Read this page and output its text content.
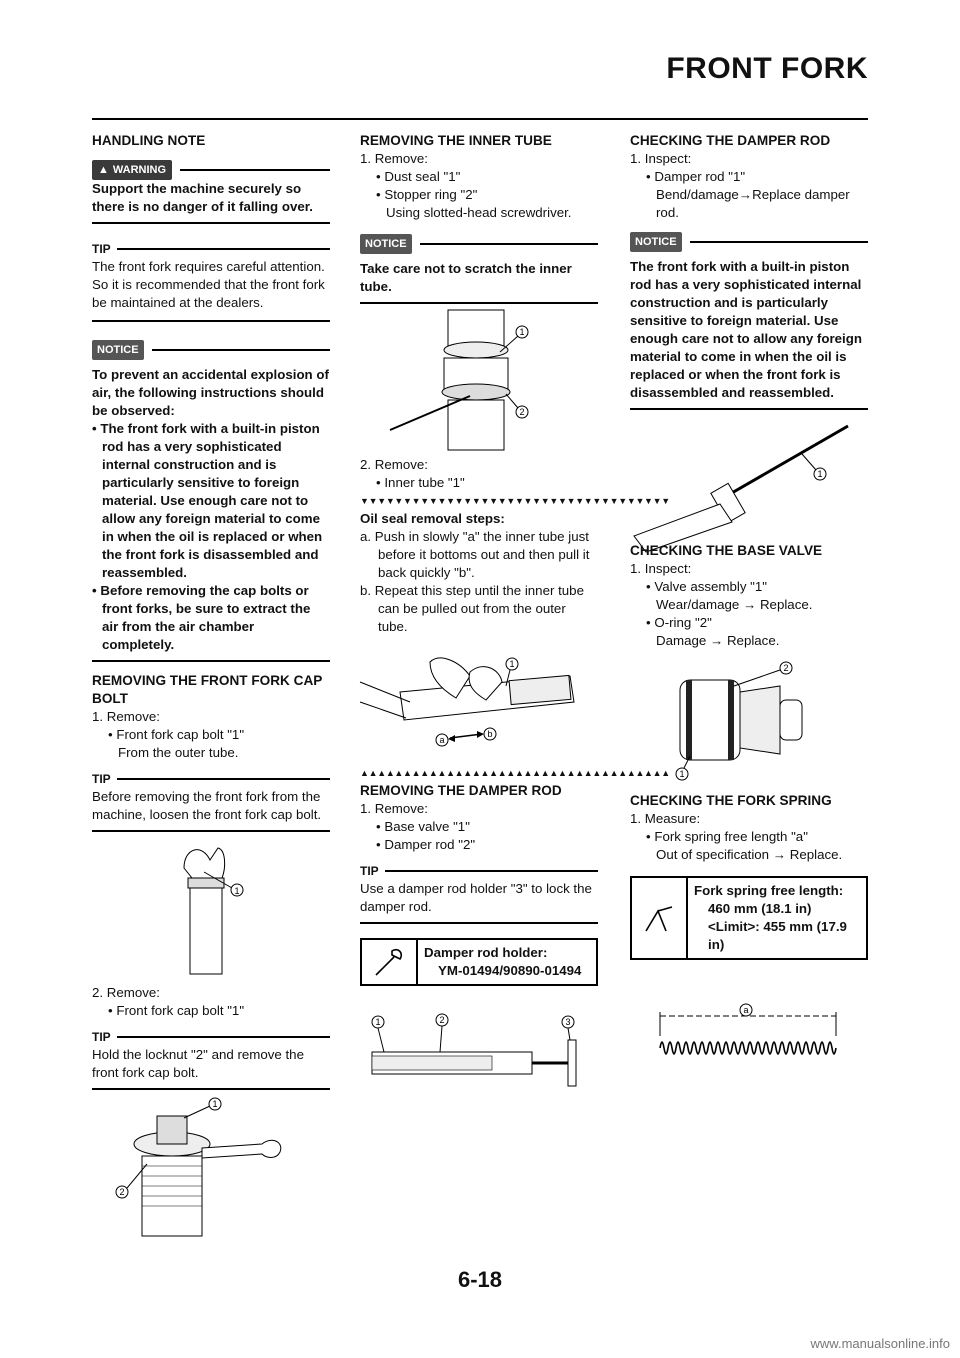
FRONT FORK

HANDLING NOTE

▲ WARNING

Support the machine securely so there is no danger of it falling over.

TIP

The front fork requires careful attention. So it is recommended that the front fork be maintained at the dealers.

NOTICE

To prevent an accidental explosion of air, the following instructions should be observed:

• The front fork with a built-in piston rod has a very sophisticated internal construction and is particularly sensitive to foreign material. Use enough care not to allow any foreign material to come in when the oil is replaced or when the front fork is disassembled and reassembled.

• Before removing the cap bolts or front forks, be sure to extract the air from the air chamber completely.

REMOVING THE FRONT FORK CAP BOLT

1. Remove:

• Front fork cap bolt "1"

From the outer tube.

TIP

Before removing the front fork from the machine, loosen the front fork cap bolt.

1

2. Remove:

• Front fork cap bolt "1"

TIP

Hold the locknut "2" and remove the front fork cap bolt.

1
2

REMOVING THE INNER TUBE

1. Remove:

• Dust seal "1"

• Stopper ring "2"

Using slotted-head screwdriver.

NOTICE

Take care not to scratch the inner tube.

1
2

2. Remove:

• Inner tube "1"

▼▼▼▼▼▼▼▼▼▼▼▼▼▼▼▼▼▼▼▼▼▼▼▼▼▼▼▼▼▼▼▼▼▼▼▼

Oil seal removal steps:

a. Push in slowly "a" the inner tube just before it bottoms out and then pull it back quickly "b".

b. Repeat this step until the inner tube can be pulled out from the outer tube.

1
a
b
▲▲▲▲▲▲▲▲▲▲▲▲▲▲▲▲▲▲▲▲▲▲▲▲▲▲▲▲▲▲▲▲▲▲▲▲

REMOVING THE DAMPER ROD

1. Remove:

• Base valve "1"

• Damper rod "2"

TIP

Use a damper rod holder "3" to lock the damper rod.

Damper rod holder:
YM-01494/90890-01494
1	2	3

CHECKING THE DAMPER ROD

1. Inspect:

• Damper rod "1"

Bend/damage→Replace damper rod.

NOTICE

The front fork with a built-in piston rod has a very sophisticated internal construction and is particularly sensitive to foreign material. Use enough care not to allow any foreign material to come in when the oil is replaced or when the front fork is disassembled and reassembled.

1

CHECKING THE BASE VALVE

1. Inspect:

• Valve assembly "1"

Wear/damage → Replace.

• O-ring "2"

Damage → Replace.

2
1

CHECKING THE FORK SPRING

1. Measure:

• Fork spring free length "a"

Out of specification → Replace.

Fork spring free length:
460 mm (18.1 in)
<Limit>: 455 mm (17.9 in)
a
6-18
www.manualsonline.info
